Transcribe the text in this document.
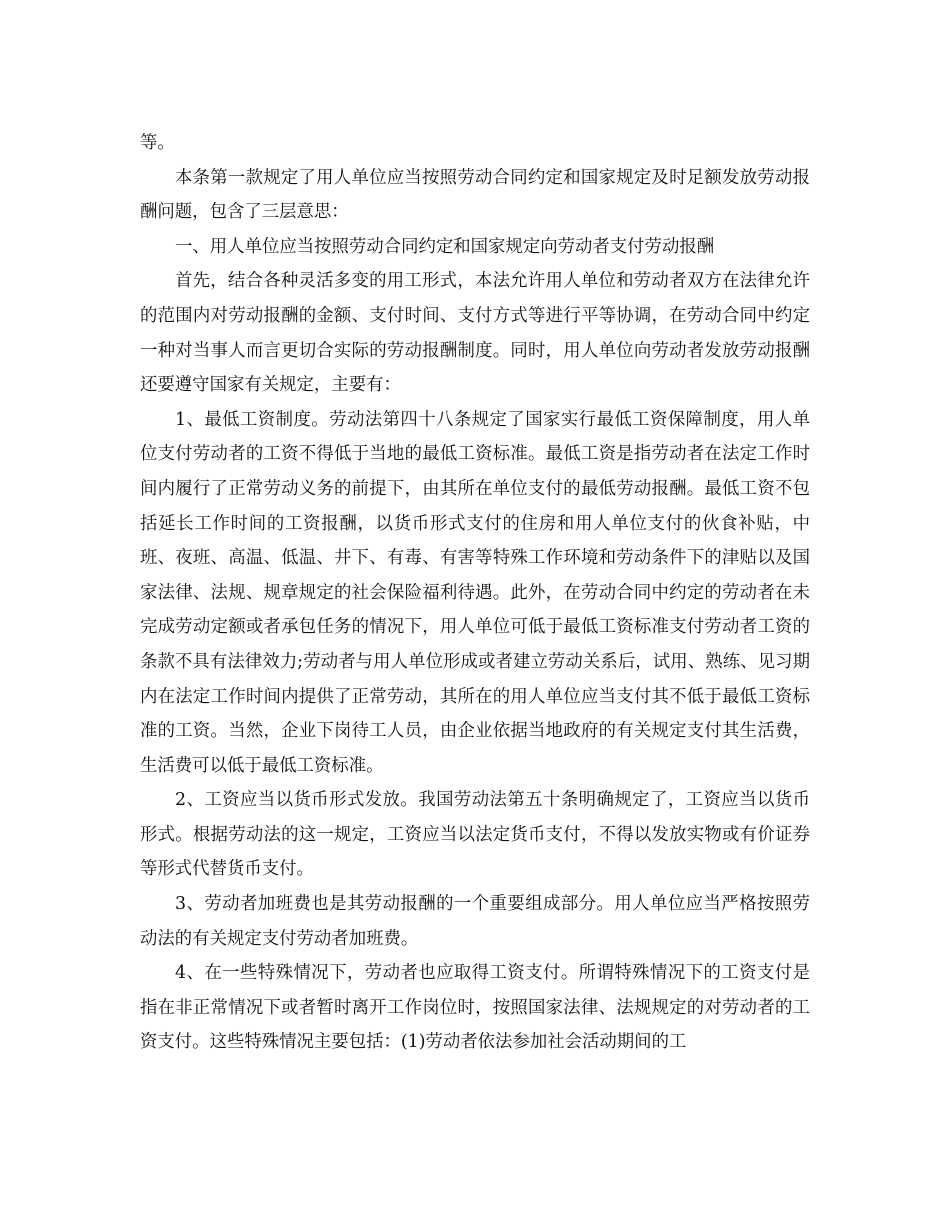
等。

本条第一款规定了用人单位应当按照劳动合同约定和国家规定及时足额发放劳动报酬问题，包含了三层意思：

一、用人单位应当按照劳动合同约定和国家规定向劳动者支付劳动报酬

首先，结合各种灵活多变的用工形式，本法允许用人单位和劳动者双方在法律允许的范围内对劳动报酬的金额、支付时间、支付方式等进行平等协调，在劳动合同中约定一种对当事人而言更切合实际的劳动报酬制度。同时，用人单位向劳动者发放劳动报酬还要遵守国家有关规定，主要有：

1、最低工资制度。劳动法第四十八条规定了国家实行最低工资保障制度，用人单位支付劳动者的工资不得低于当地的最低工资标准。最低工资是指劳动者在法定工作时间内履行了正常劳动义务的前提下，由其所在单位支付的最低劳动报酬。最低工资不包括延长工作时间的工资报酬，以货币形式支付的住房和用人单位支付的伙食补贴，中班、夜班、高温、低温、井下、有毒、有害等特殊工作环境和劳动条件下的津贴以及国家法律、法规、规章规定的社会保险福利待遇。此外，在劳动合同中约定的劳动者在未完成劳动定额或者承包任务的情况下，用人单位可低于最低工资标准支付劳动者工资的条款不具有法律效力;劳动者与用人单位形成或者建立劳动关系后，试用、熟练、见习期内在法定工作时间内提供了正常劳动，其所在的用人单位应当支付其不低于最低工资标准的工资。当然，企业下岗待工人员，由企业依据当地政府的有关规定支付其生活费，生活费可以低于最低工资标准。

2、工资应当以货币形式发放。我国劳动法第五十条明确规定了，工资应当以货币形式。根据劳动法的这一规定，工资应当以法定货币支付，不得以发放实物或有价证券等形式代替货币支付。

3、劳动者加班费也是其劳动报酬的一个重要组成部分。用人单位应当严格按照劳动法的有关规定支付劳动者加班费。

4、在一些特殊情况下，劳动者也应取得工资支付。所谓特殊情况下的工资支付是指在非正常情况下或者暂时离开工作岗位时，按照国家法律、法规规定的对劳动者的工资支付。这些特殊情况主要包括：(1)劳动者依法参加社会活动期间的工
